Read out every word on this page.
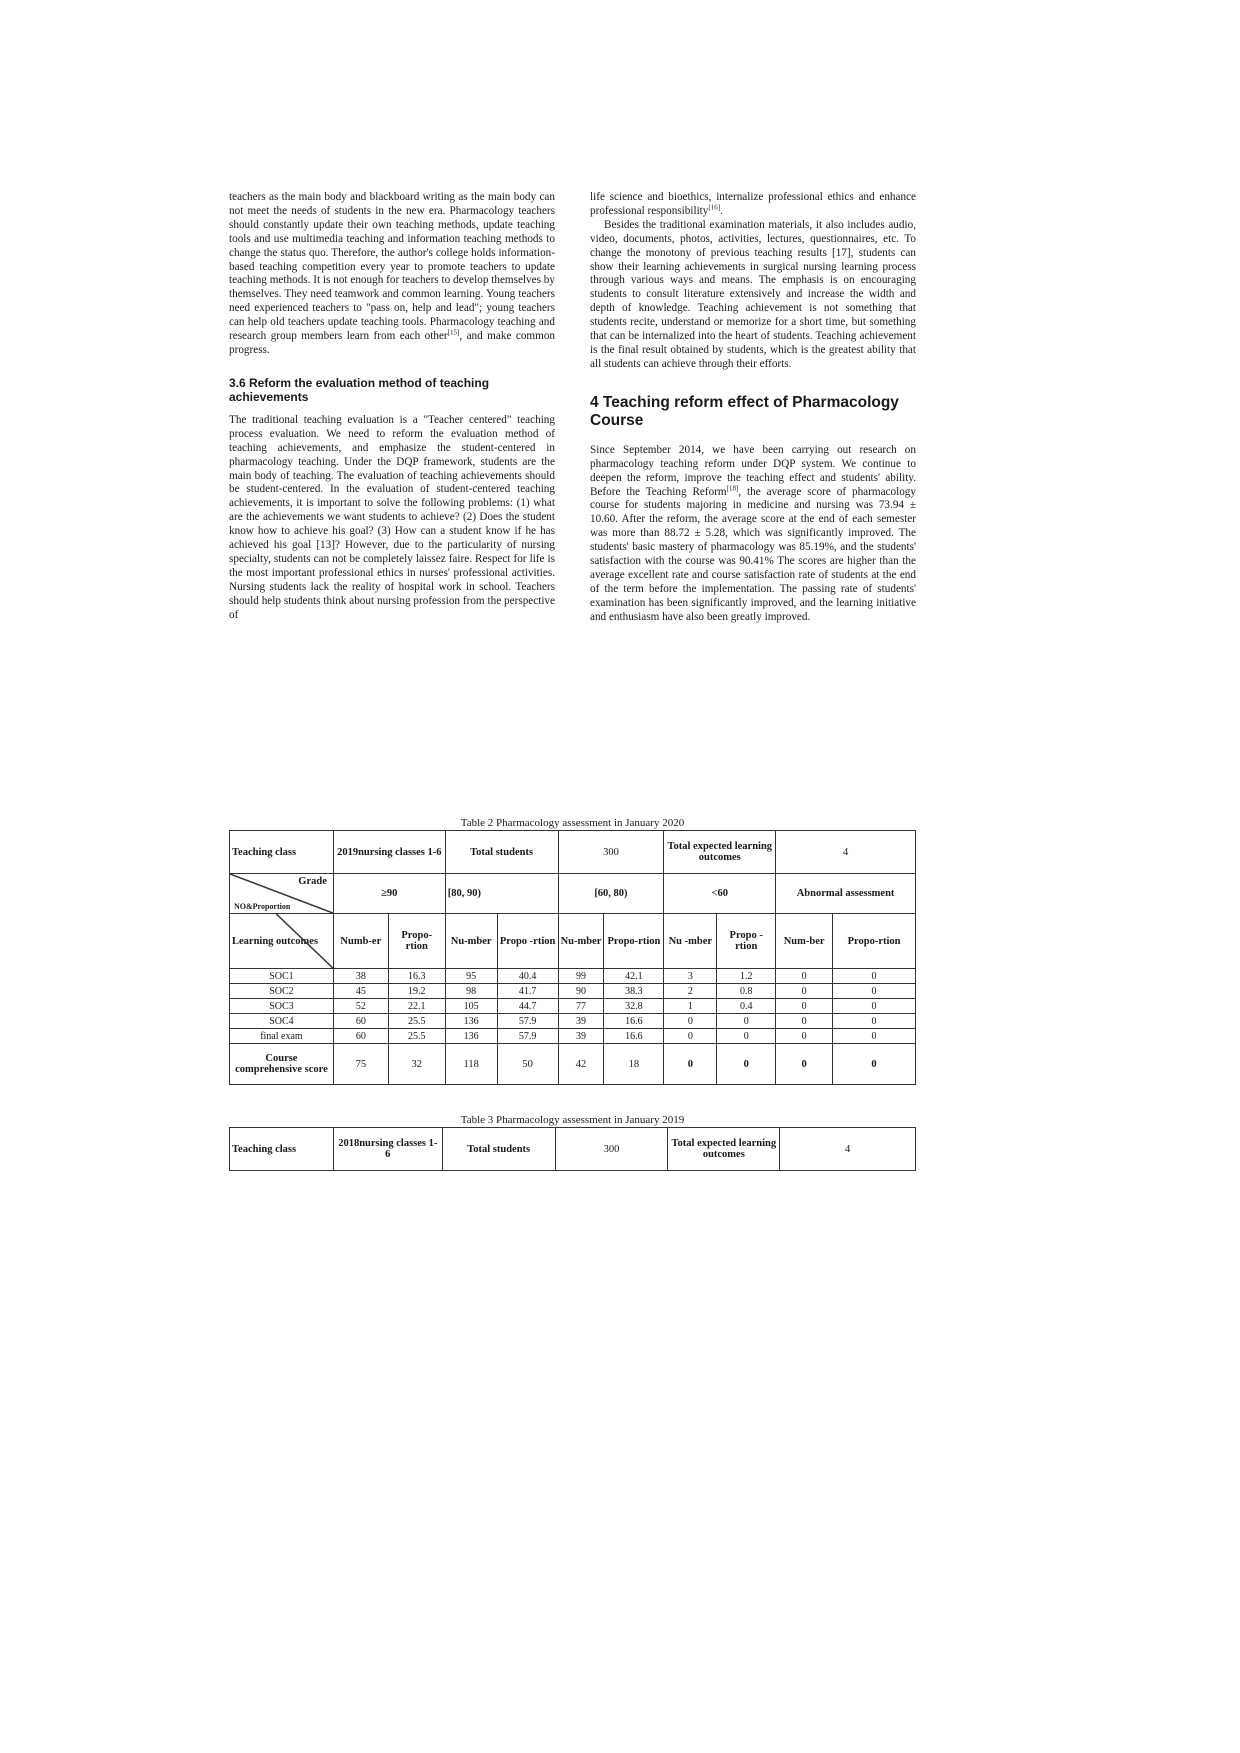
teachers as the main body and blackboard writing as the main body can not meet the needs of students in the new era. Pharmacology teachers should constantly update their own teaching methods, update teaching tools and use multimedia teaching and information teaching methods to change the status quo. Therefore, the author's college holds information-based teaching competition every year to promote teachers to update teaching methods. It is not enough for teachers to develop themselves by themselves. They need teamwork and common learning. Young teachers need experienced teachers to "pass on, help and lead"; young teachers can help old teachers update teaching tools. Pharmacology teaching and research group members learn from each other[15], and make common progress.

3.6 Reform the evaluation method of teaching achievements

The traditional teaching evaluation is a "Teacher centered" teaching process evaluation. We need to reform the evaluation method of teaching achievements, and emphasize the student-centered in pharmacology teaching. Under the DQP framework, students are the main body of teaching. The evaluation of teaching achievements should be student-centered. In the evaluation of student-centered teaching achievements, it is important to solve the following problems: (1) what are the achievements we want students to achieve? (2) Does the student know how to achieve his goal? (3) How can a student know if he has achieved his goal [13]? However, due to the particularity of nursing specialty, students can not be completely laissez faire. Respect for life is the most important professional ethics in nurses' professional activities. Nursing students lack the reality of hospital work in school. Teachers should help students think about nursing profession from the perspective of

life science and bioethics, internalize professional ethics and enhance professional responsibility[16].

Besides the traditional examination materials, it also includes audio, video, documents, photos, activities, lectures, questionnaires, etc. To change the monotony of previous teaching results [17], students can show their learning achievements in surgical nursing learning process through various ways and means. The emphasis is on encouraging students to consult literature extensively and increase the width and depth of knowledge. Teaching achievement is not something that students recite, understand or memorize for a short time, but something that can be internalized into the heart of students. Teaching achievement is the final result obtained by students, which is the greatest ability that all students can achieve through their efforts.

4 Teaching reform effect of Pharmacology Course

Since September 2014, we have been carrying out research on pharmacology teaching reform under DQP system. We continue to deepen the reform, improve the teaching effect and students' ability. Before the Teaching Reform[18], the average score of pharmacology course for students majoring in medicine and nursing was 73.94 ± 10.60. After the reform, the average score at the end of each semester was more than 88.72 ± 5.28, which was significantly improved. The students' basic mastery of pharmacology was 85.19%, and the students' satisfaction with the course was 90.41% The scores are higher than the average excellent rate and course satisfaction rate of students at the end of the term before the implementation. The passing rate of students' examination has been significantly improved, and the learning initiative and enthusiasm have also been greatly improved.

Table 2 Pharmacology assessment in January 2020
Teaching class	2019nursing classes 1-6		Total students		300		Total expected learning outcomes		4	

Grade
NO&Proportion	≥90		[80, 90)		[60, 80)		<60		Abnormal assessment	

Learning outcomes	Numb-er	Propo-rtion	Nu-mber	Propo -rtion	Nu-mber	Propo-rtion	Nu -mber	Propo -rtion	Num-ber	Propo-rtion
SOC1	38	16.3	95	40.4	99	42.1	3	1.2	0	0
SOC2	45	19.2	98	41.7	90	38.3	2	0.8	0	0
SOC3	52	22.1	105	44.7	77	32.8	1	0.4	0	0
SOC4	60	25.5	136	57.9	39	16.6	0	0	0	0
final exam	60	25.5	136	57.9	39	16.6	0	0	0	0
Course comprehensive score	75	32	118	50	42	18	0	0	0	0
Table 3 Pharmacology assessment in January 2019
Teaching class	2018nursing classes 1-6	Total students	300	Total expected learning outcomes	4
